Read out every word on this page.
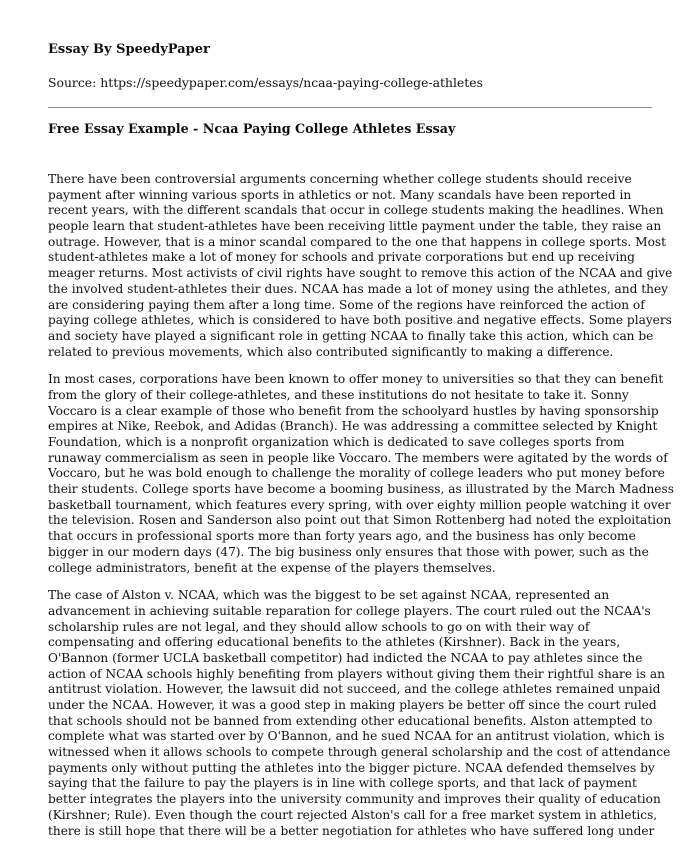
Essay By SpeedyPaper
Source: https://speedypaper.com/essays/ncaa-paying-college-athletes
Free Essay Example - Ncaa Paying College Athletes Essay
There have been controversial arguments concerning whether college students should receive
payment after winning various sports in athletics or not. Many scandals have been reported in
recent years, with the different scandals that occur in college students making the headlines. When
people learn that student-athletes have been receiving little payment under the table, they raise an
outrage. However, that is a minor scandal compared to the one that happens in college sports. Most
student-athletes make a lot of money for schools and private corporations but end up receiving
meager returns. Most activists of civil rights have sought to remove this action of the NCAA and give
the involved student-athletes their dues. NCAA has made a lot of money using the athletes, and they
are considering paying them after a long time. Some of the regions have reinforced the action of
paying college athletes, which is considered to have both positive and negative effects. Some players
and society have played a significant role in getting NCAA to finally take this action, which can be
related to previous movements, which also contributed significantly to making a difference.
In most cases, corporations have been known to offer money to universities so that they can benefit
from the glory of their college-athletes, and these institutions do not hesitate to take it. Sonny
Voccaro is a clear example of those who benefit from the schoolyard hustles by having sponsorship
empires at Nike, Reebok, and Adidas (Branch). He was addressing a committee selected by Knight
Foundation, which is a nonprofit organization which is dedicated to save colleges sports from
runaway commercialism as seen in people like Voccaro. The members were agitated by the words of
Voccaro, but he was bold enough to challenge the morality of college leaders who put money before
their students. College sports have become a booming business, as illustrated by the March Madness
basketball tournament, which features every spring, with over eighty million people watching it over
the television. Rosen and Sanderson also point out that Simon Rottenberg had noted the exploitation
that occurs in professional sports more than forty years ago, and the business has only become
bigger in our modern days (47). The big business only ensures that those with power, such as the
college administrators, benefit at the expense of the players themselves.
The case of Alston v. NCAA, which was the biggest to be set against NCAA, represented an
advancement in achieving suitable reparation for college players. The court ruled out the NCAA's
scholarship rules are not legal, and they should allow schools to go on with their way of
compensating and offering educational benefits to the athletes (Kirshner). Back in the years,
O'Bannon (former UCLA basketball competitor) had indicted the NCAA to pay athletes since the
action of NCAA schools highly benefiting from players without giving them their rightful share is an
antitrust violation. However, the lawsuit did not succeed, and the college athletes remained unpaid
under the NCAA. However, it was a good step in making players be better off since the court ruled
that schools should not be banned from extending other educational benefits. Alston attempted to
complete what was started over by O'Bannon, and he sued NCAA for an antitrust violation, which is
witnessed when it allows schools to compete through general scholarship and the cost of attendance
payments only without putting the athletes into the bigger picture. NCAA defended themselves by
saying that the failure to pay the players is in line with college sports, and that lack of payment
better integrates the players into the university community and improves their quality of education
(Kirshner; Rule). Even though the court rejected Alston's call for a free market system in athletics,
there is still hope that there will be a better negotiation for athletes who have suffered long under
